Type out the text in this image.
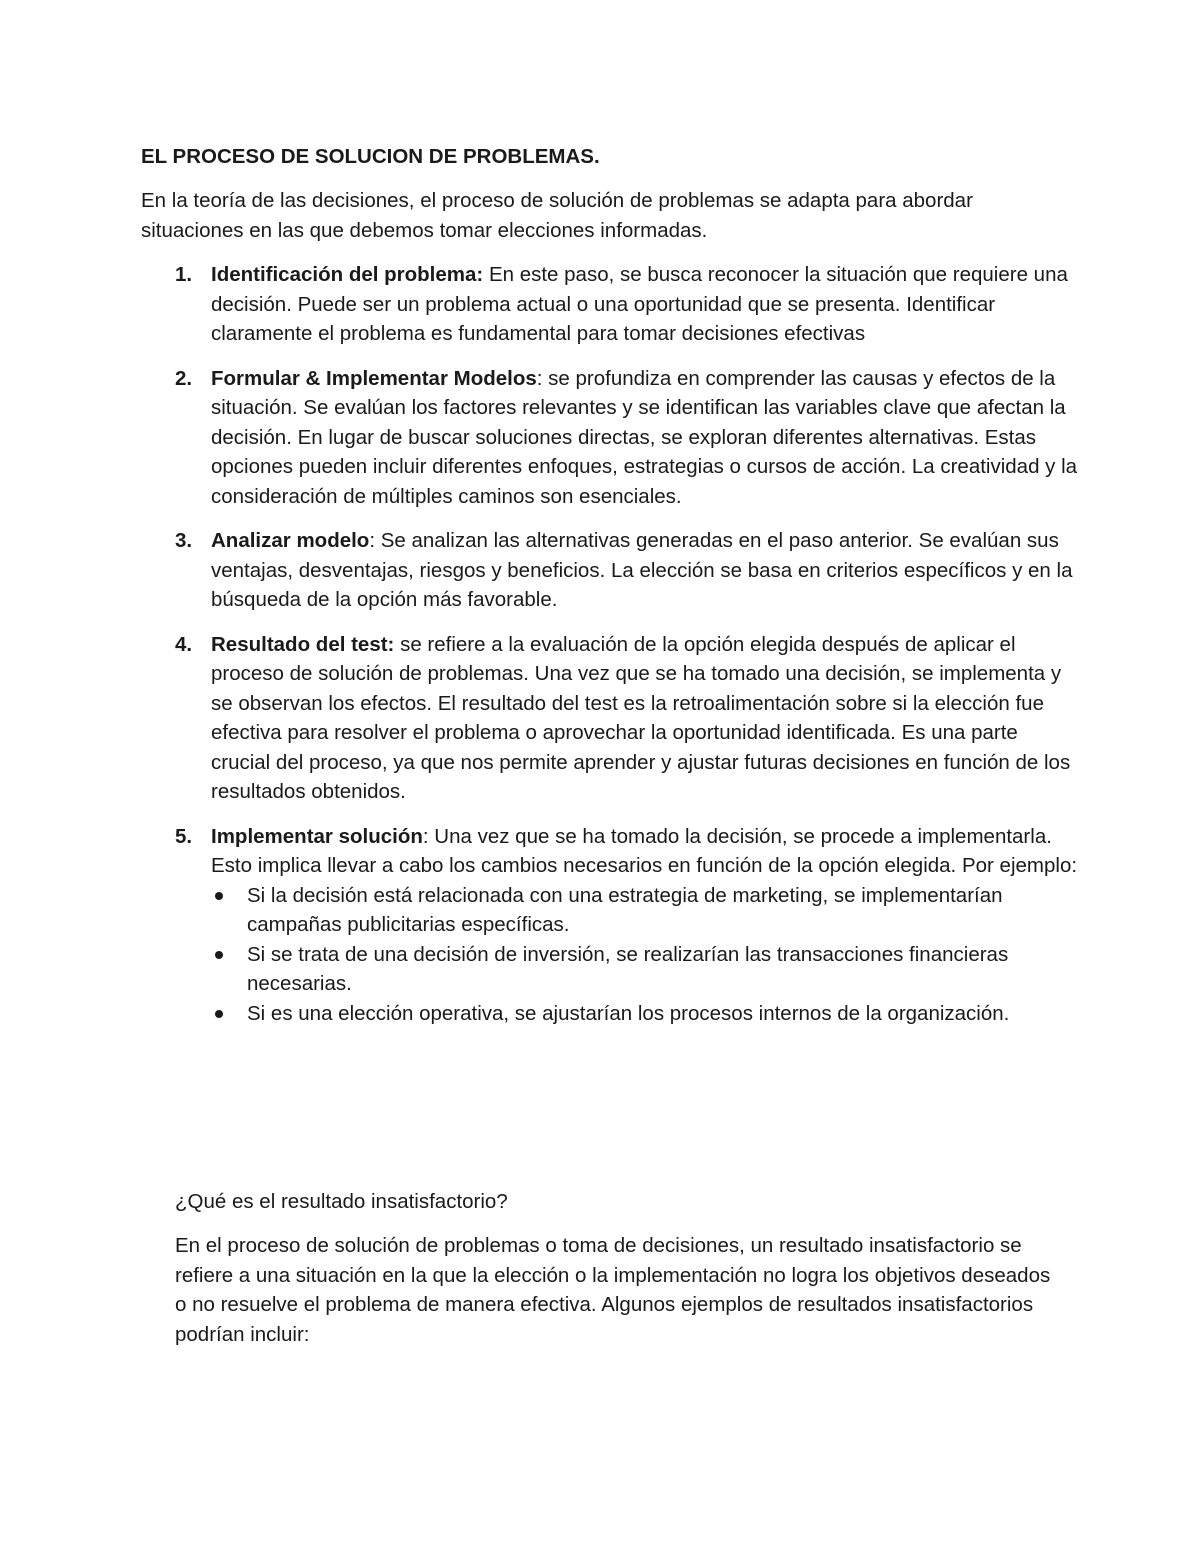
EL PROCESO DE SOLUCION DE PROBLEMAS.

En la teoría de las decisiones, el proceso de solución de problemas se adapta para abordar situaciones en las que debemos tomar elecciones informadas.

1. Identificación del problema: En este paso, se busca reconocer la situación que requiere una decisión. Puede ser un problema actual o una oportunidad que se presenta. Identificar claramente el problema es fundamental para tomar decisiones efectivas
2. Formular & Implementar Modelos: se profundiza en comprender las causas y efectos de la situación. Se evalúan los factores relevantes y se identifican las variables clave que afectan la decisión. En lugar de buscar soluciones directas, se exploran diferentes alternativas. Estas opciones pueden incluir diferentes enfoques, estrategias o cursos de acción. La creatividad y la consideración de múltiples caminos son esenciales.
3. Analizar modelo: Se analizan las alternativas generadas en el paso anterior. Se evalúan sus ventajas, desventajas, riesgos y beneficios. La elección se basa en criterios específicos y en la búsqueda de la opción más favorable.
4. Resultado del test: se refiere a la evaluación de la opción elegida después de aplicar el proceso de solución de problemas. Una vez que se ha tomado una decisión, se implementa y se observan los efectos. El resultado del test es la retroalimentación sobre si la elección fue efectiva para resolver el problema o aprovechar la oportunidad identificada. Es una parte crucial del proceso, ya que nos permite aprender y ajustar futuras decisiones en función de los resultados obtenidos.
5. Implementar solución: Una vez que se ha tomado la decisión, se procede a implementarla. Esto implica llevar a cabo los cambios necesarios en función de la opción elegida. Por ejemplo:
Si la decisión está relacionada con una estrategia de marketing, se implementarían campañas publicitarias específicas.
Si se trata de una decisión de inversión, se realizarían las transacciones financieras necesarias.
Si es una elección operativa, se ajustarían los procesos internos de la organización.

¿Qué es el resultado insatisfactorio?

En el proceso de solución de problemas o toma de decisiones, un resultado insatisfactorio se refiere a una situación en la que la elección o la implementación no logra los objetivos deseados o no resuelve el problema de manera efectiva. Algunos ejemplos de resultados insatisfactorios podrían incluir:
